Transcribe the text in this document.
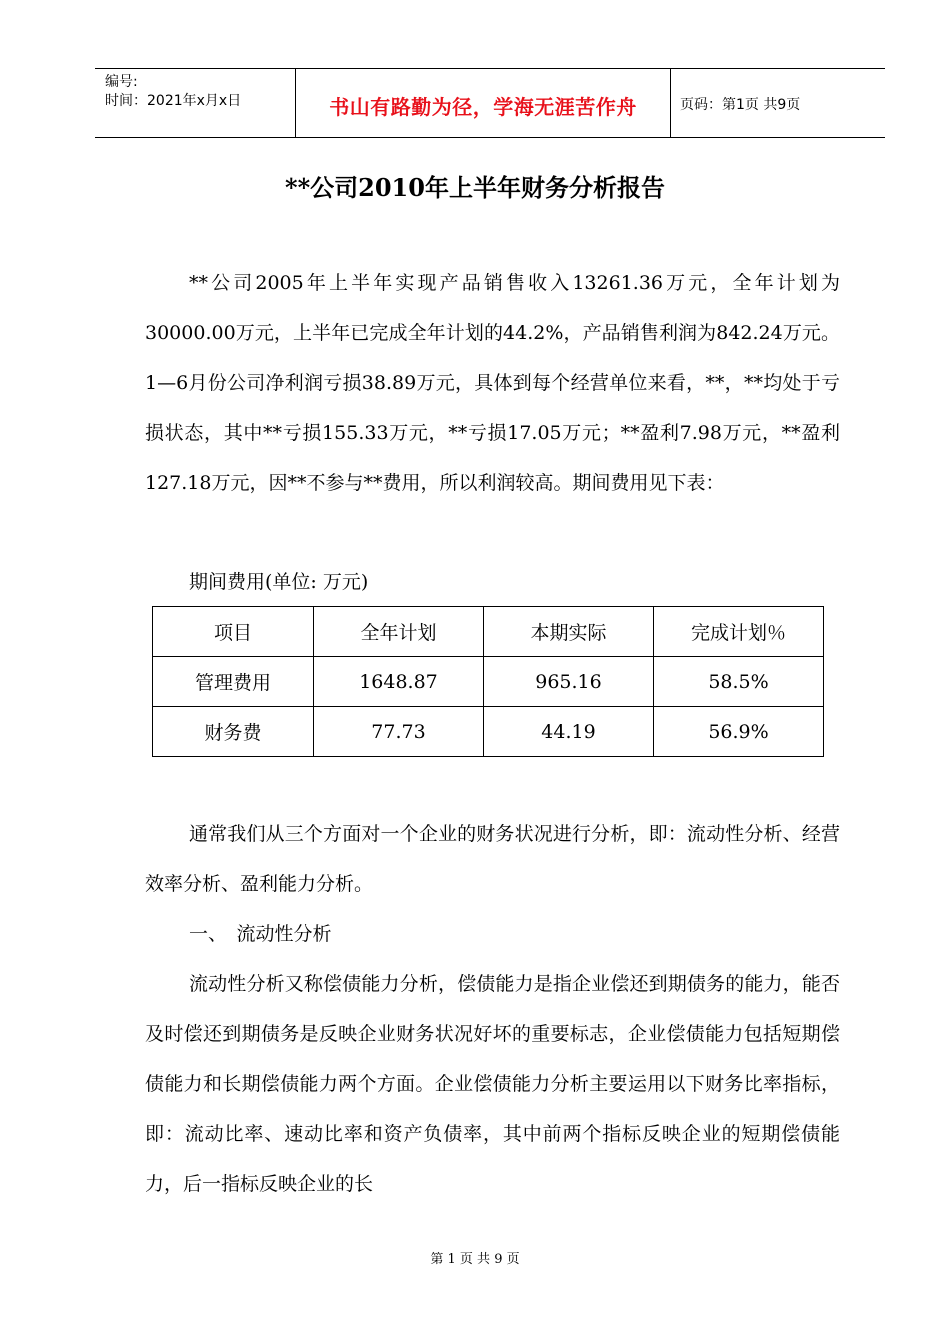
编号:
时间：2021年x月x日	书山有路勤为径，学海无涯苦作舟	页码：第1页 共9页
**公司2010年上半年财务分析报告

**公司2005年上半年实现产品销售收入13261.36万元，全年计划为30000.00万元，上半年已完成全年计划的44.2%，产品销售利润为842.24万元。1—6月份公司净利润亏损38.89万元，具体到每个经营单位来看，**，**均处于亏损状态，其中**亏损155.33万元，**亏损17.05万元；**盈利7.98万元，**盈利127.18万元，因**不参与**费用，所以利润较高。期间费用见下表：

期间费用(单位: 万元)
项目	全年计划	本期实际	完成计划％
管理费用	1648.87	965.16	58.5%
财务费	77.73	44.19	56.9%

通常我们从三个方面对一个企业的财务状况进行分析，即：流动性分析、经营效率分析、盈利能力分析。

一、　流动性分析

流动性分析又称偿债能力分析，偿债能力是指企业偿还到期债务的能力，能否及时偿还到期债务是反映企业财务状况好坏的重要标志，企业偿债能力包括短期偿债能力和长期偿债能力两个方面。企业偿债能力分析主要运用以下财务比率指标，即：流动比率、速动比率和资产负债率，其中前两个指标反映企业的短期偿债能力，后一指标反映企业的长

第 1 页 共 9 页
